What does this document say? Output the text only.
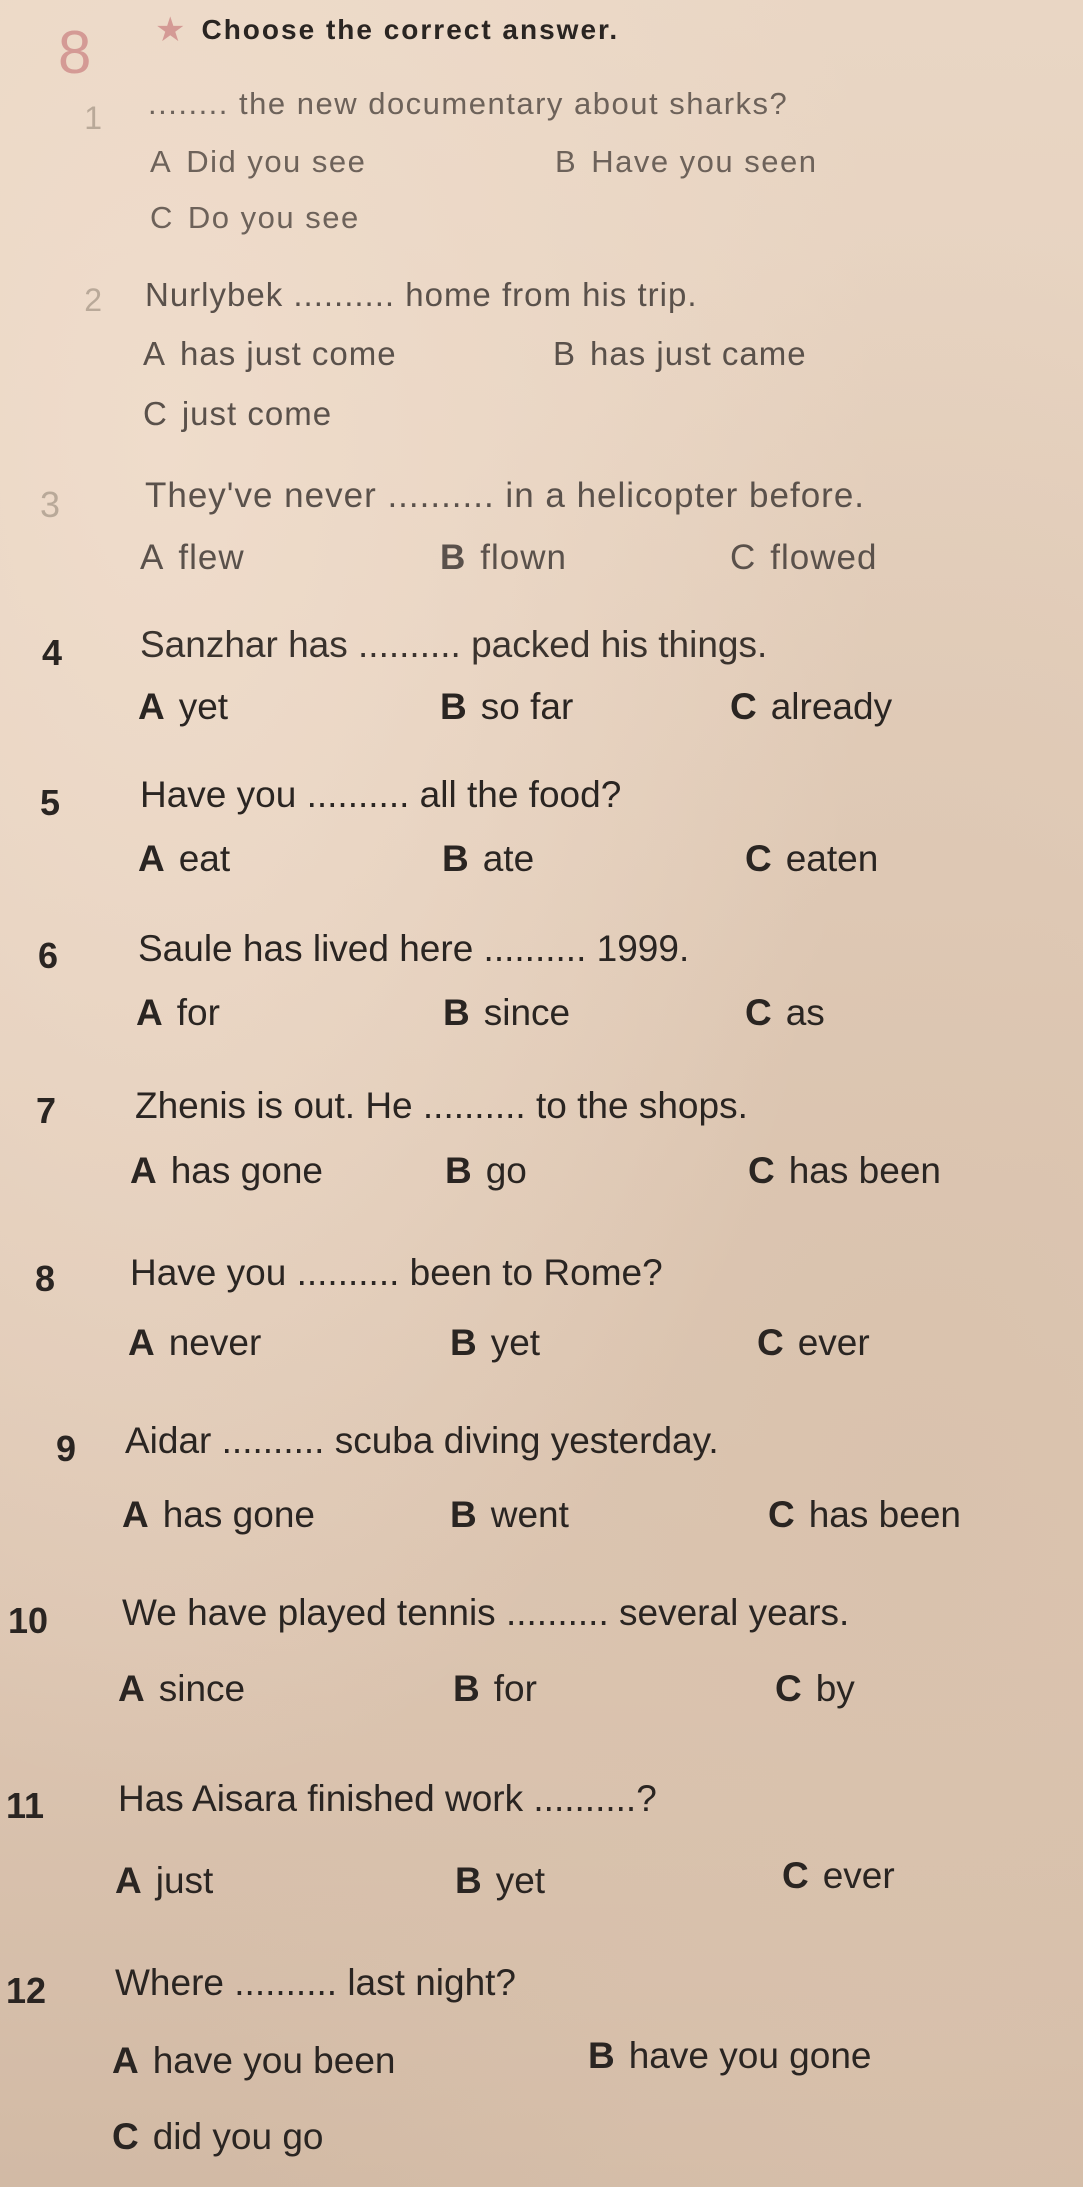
8 ★ Choose the correct answer.
1 ........ the new documentary about sharks?
A Did you see	B Have you seen
C Do you see
2 Nurlybek .......... home from his trip.
A has just come	B has just came
C just come
3 They've never .......... in a helicopter before.
A flew	B flown	C flowed
4 Sanzhar has .......... packed his things.
A yet	B so far	C already
5 Have you .......... all the food?
A eat	B ate	C eaten
6 Saule has lived here .......... 1999.
A for	B since	C as
7 Zhenis is out. He .......... to the shops.
A has gone	B go	C has been
8 Have you .......... been to Rome?
A never	B yet	C ever
9 Aidar .......... scuba diving yesterday.
A has gone	B went	C has been
10	We have played tennis .......... several years.
A since	B for	C by
11	Has Aisara finished work ..........?
A just	B yet	C ever
12	Where .......... last night?
A have you been	B have you gone
C did you go
